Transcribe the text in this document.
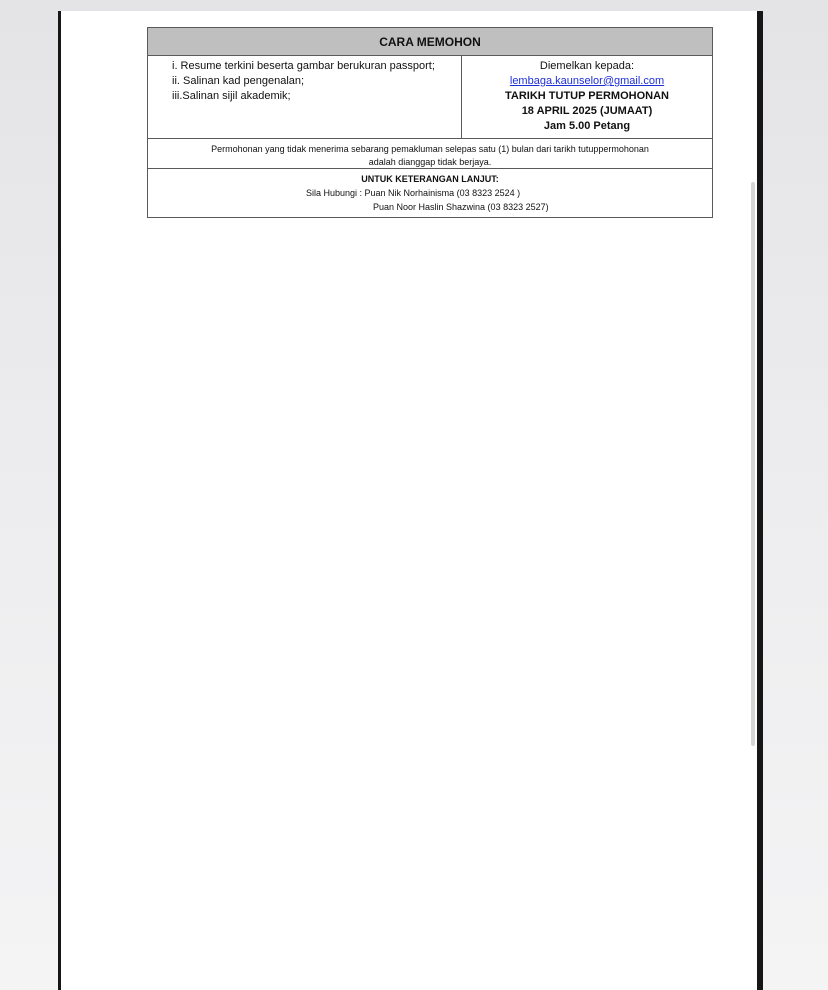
CARA MEMOHON

i. Resume terkini beserta gambar berukuran passport;
ii. Salinan kad pengenalan;
iii.Salinan sijil akademik;

Diemelkan kepada:
lembaga.kaunselor@gmail.com
TARIKH TUTUP PERMOHONAN
18 APRIL 2025 (JUMAAT)
Jam 5.00 Petang

Permohonan yang tidak menerima sebarang pemakluman selepas satu (1) bulan dari tarikh tutuppermohonan
adalah dianggap tidak berjaya.

UNTUK KETERANGAN LANJUT:
Sila Hubungi : Puan Nik Norhainisma (03 8323 2524 )
Puan Noor Haslin Shazwina (03 8323 2527)
